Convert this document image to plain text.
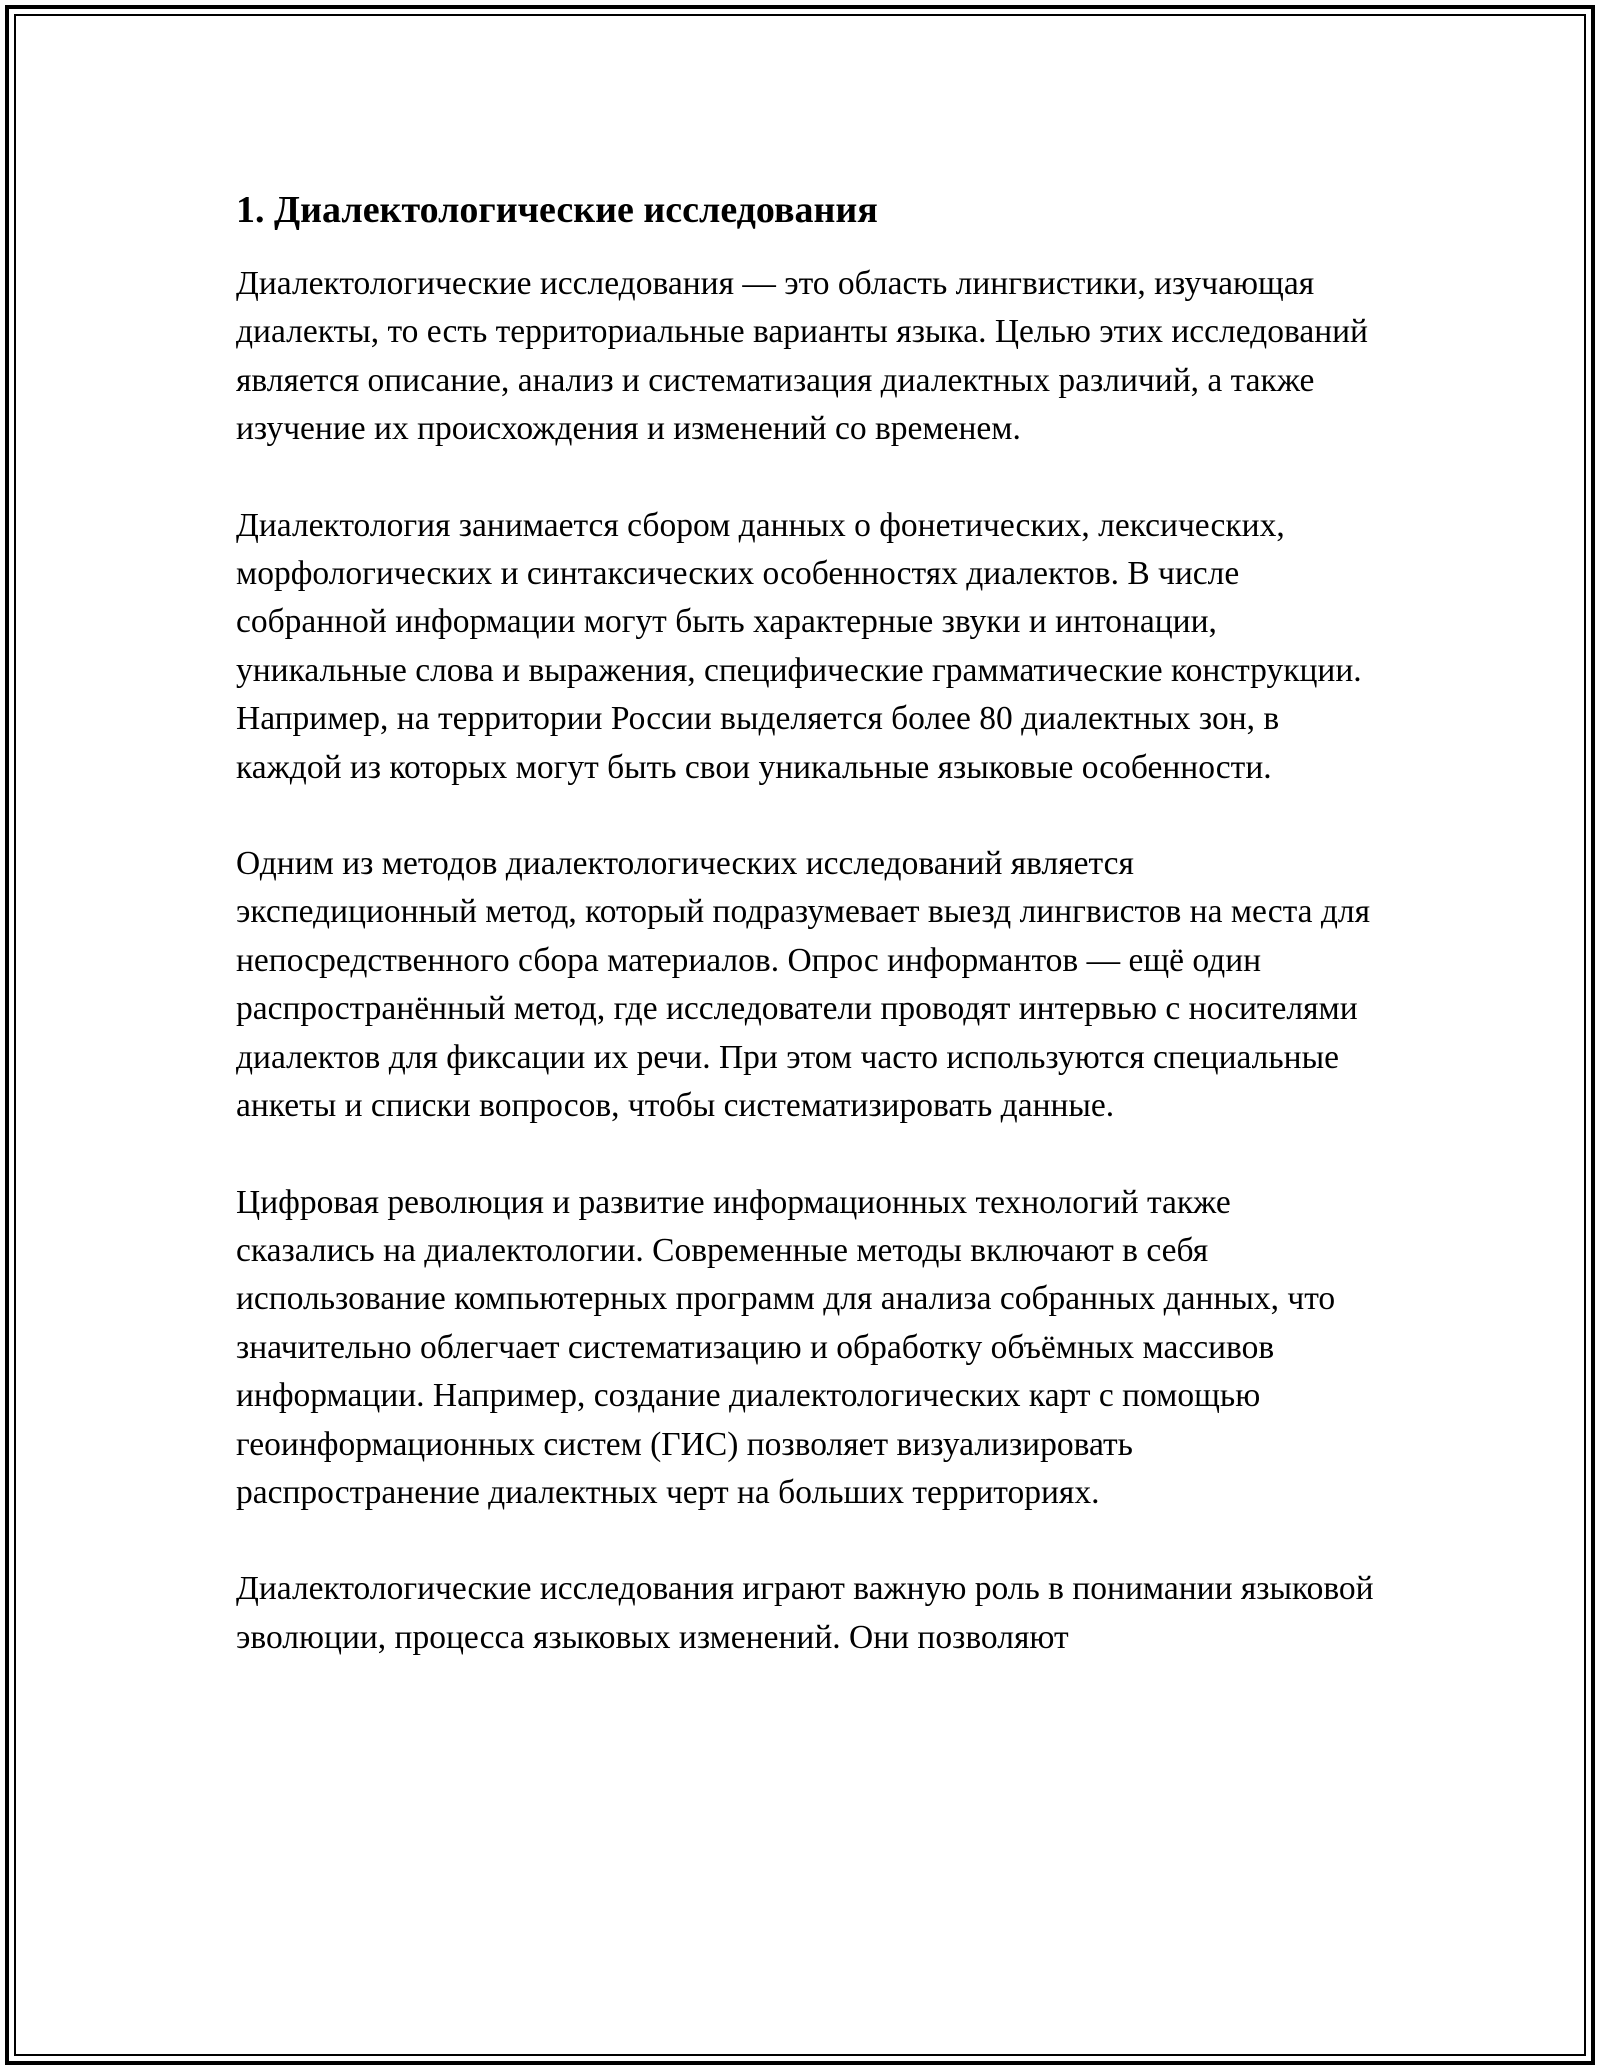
1. Диалектологические исследования

Диалектологические исследования — это область лингвистики, изучающая диалекты, то есть территориальные варианты языка. Целью этих исследований является описание, анализ и систематизация диалектных различий, а также изучение их происхождения и изменений со временем.

Диалектология занимается сбором данных о фонетических, лексических, морфологических и синтаксических особенностях диалектов. В числе собранной информации могут быть характерные звуки и интонации, уникальные слова и выражения, специфические грамматические конструкции. Например, на территории России выделяется более 80 диалектных зон, в каждой из которых могут быть свои уникальные языковые особенности.

Одним из методов диалектологических исследований является экспедиционный метод, который подразумевает выезд лингвистов на места для непосредственного сбора материалов. Опрос информантов — ещё один распространённый метод, где исследователи проводят интервью с носителями диалектов для фиксации их речи. При этом часто используются специальные анкеты и списки вопросов, чтобы систематизировать данные.

Цифровая революция и развитие информационных технологий также сказались на диалектологии. Современные методы включают в себя использование компьютерных программ для анализа собранных данных, что значительно облегчает систематизацию и обработку объёмных массивов информации. Например, создание диалектологических карт с помощью геоинформационных систем (ГИС) позволяет визуализировать распространение диалектных черт на больших территориях.

Диалектологические исследования играют важную роль в понимании языковой эволюции, процесса языковых изменений. Они позволяют
